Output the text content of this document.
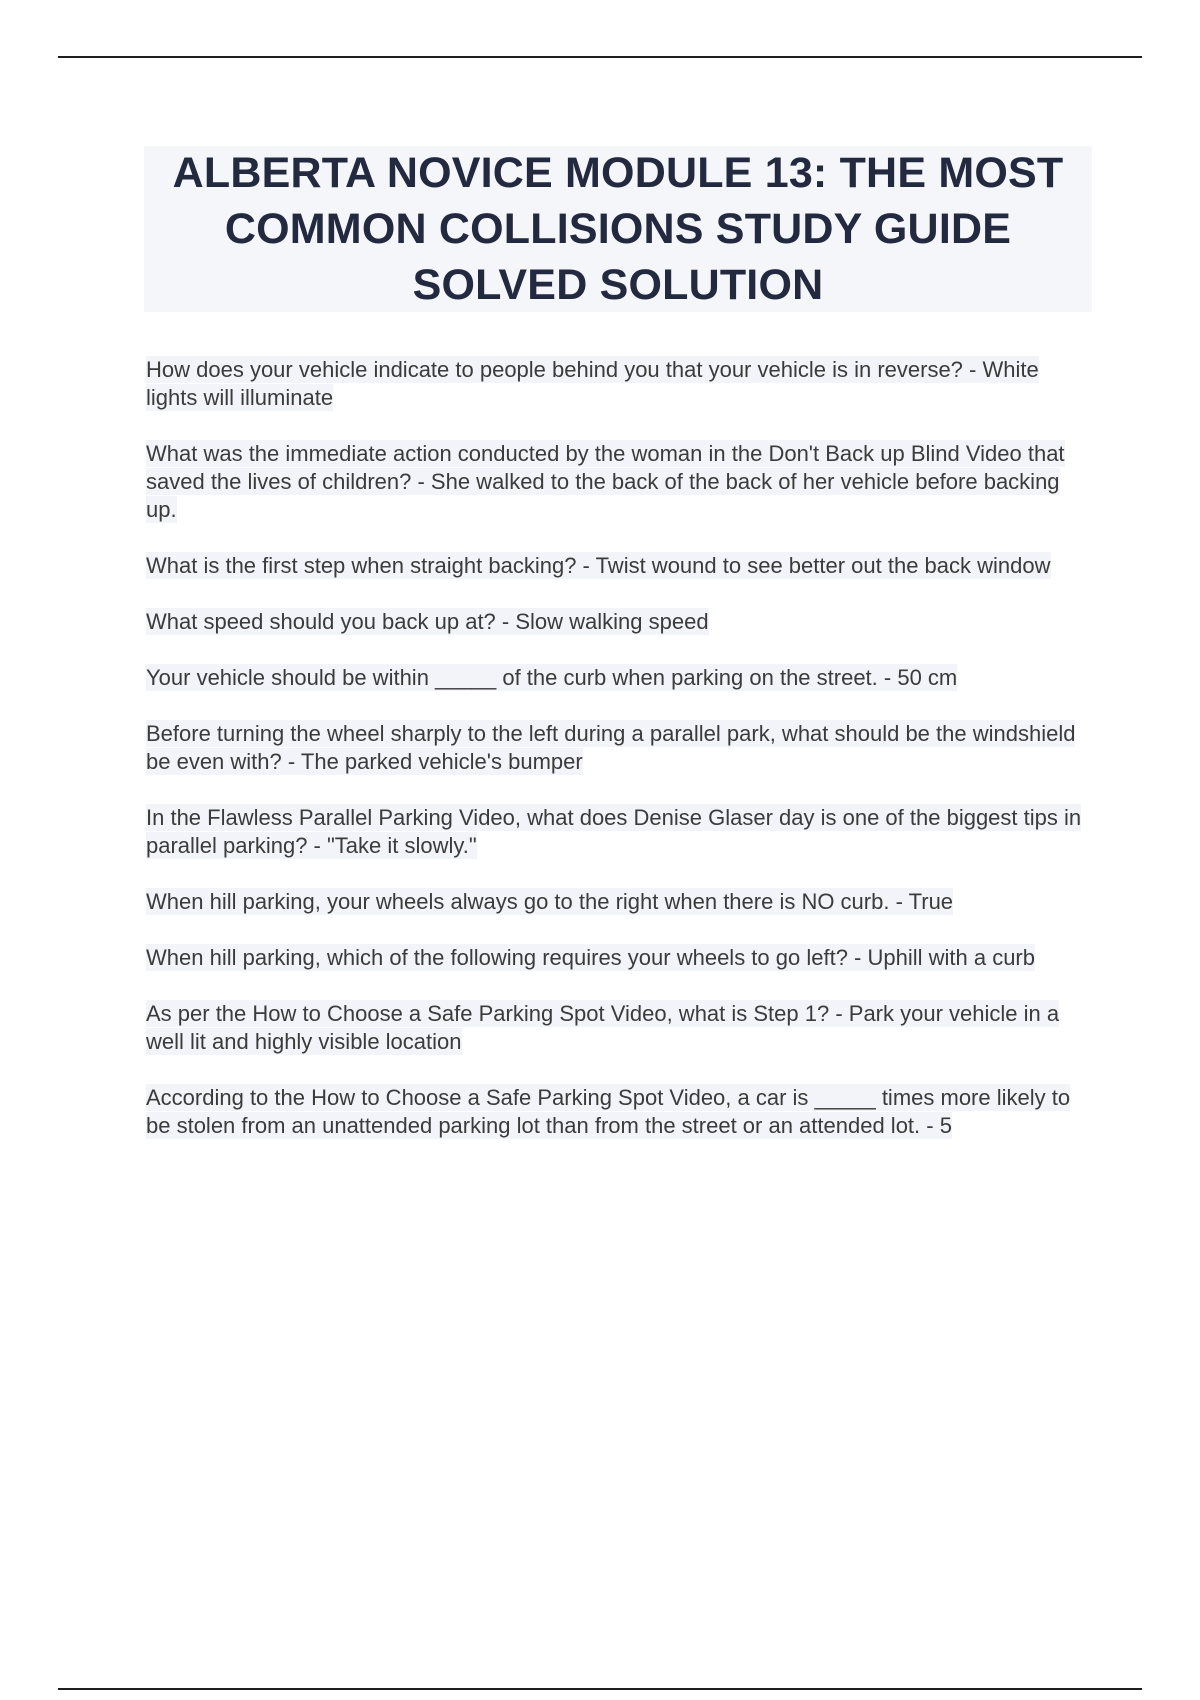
ALBERTA NOVICE MODULE 13: THE MOST COMMON COLLISIONS STUDY GUIDE SOLVED SOLUTION

How does your vehicle indicate to people behind you that your vehicle is in reverse? - White lights will illuminate

What was the immediate action conducted by the woman in the Don't Back up Blind Video that saved the lives of children? - She walked to the back of the back of her vehicle before backing up.

What is the first step when straight backing? - Twist wound to see better out the back window

What speed should you back up at? - Slow walking speed

Your vehicle should be within _____ of the curb when parking on the street. - 50 cm

Before turning the wheel sharply to the left during a parallel park, what should be the windshield be even with? - The parked vehicle's bumper

In the Flawless Parallel Parking Video, what does Denise Glaser day is one of the biggest tips in parallel parking? - "Take it slowly."

When hill parking, your wheels always go to the right when there is NO curb. - True

When hill parking, which of the following requires your wheels to go left? - Uphill with a curb

As per the How to Choose a Safe Parking Spot Video, what is Step 1? - Park your vehicle in a well lit and highly visible location

According to the How to Choose a Safe Parking Spot Video, a car is _____ times more likely to be stolen from an unattended parking lot than from the street or an attended lot. - 5
